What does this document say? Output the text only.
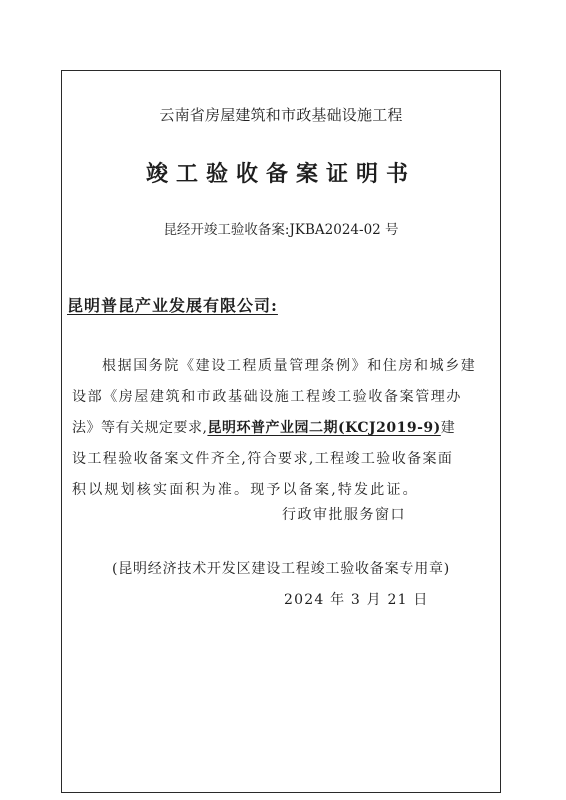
云南省房屋建筑和市政基础设施工程
竣工验收备案证明书
昆经开竣工验收备案:JKBA2024-02 号
昆明普昆产业发展有限公司:
根据国务院《建设工程质量管理条例》和住房和城乡建
设部《房屋建筑和市政基础设施工程竣工验收备案管理办
法》等有关规定要求,昆明环普产业园二期(KCJ2019-9)建
设工程验收备案文件齐全,符合要求,工程竣工验收备案面
积以规划核实面积为准。现予以备案,特发此证。
行政审批服务窗口
(昆明经济技术开发区建设工程竣工验收备案专用章)
2024 年 3 月 21 日
